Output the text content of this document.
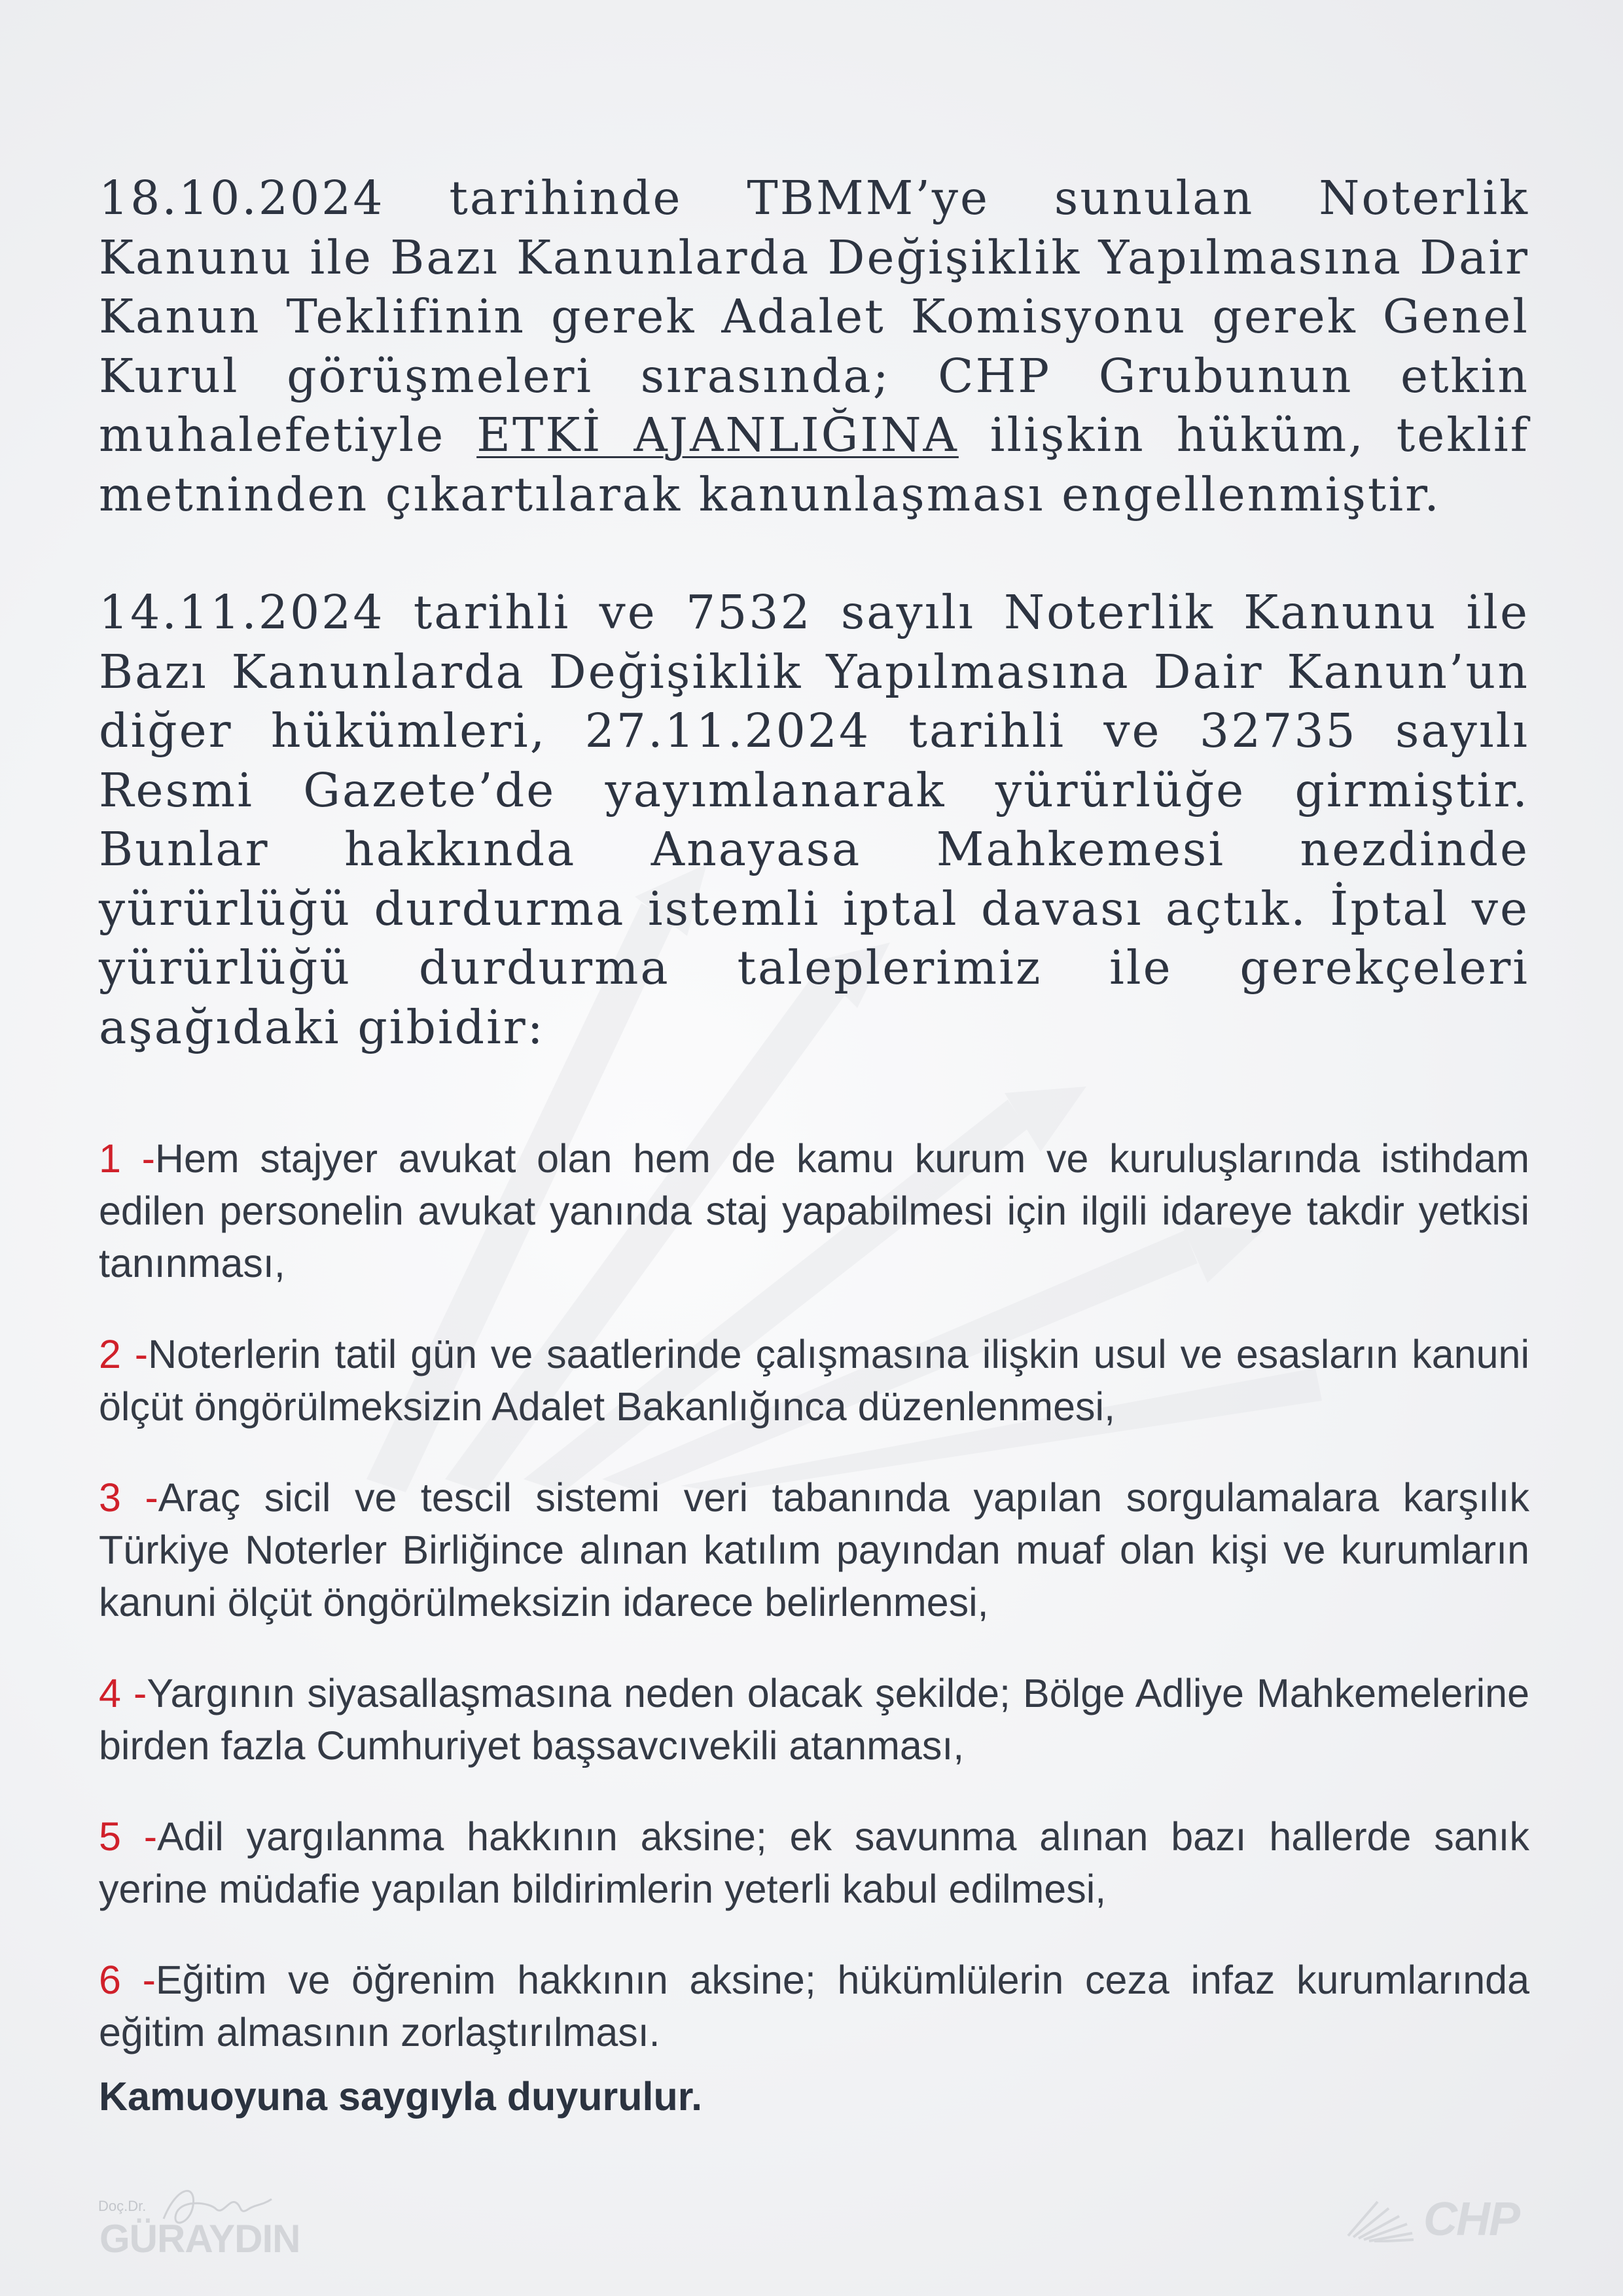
18.10.2024 tarihinde TBMM’ye sunulan Noterlik Kanunu ile Bazı Kanunlarda Değişiklik Yapılmasına Dair Kanun Teklifinin gerek Adalet Komisyonu gerek Genel Kurul görüşmeleri sırasında; CHP Grubunun etkin muhalefetiyle ETKİ AJANLIĞINA ilişkin hüküm, teklif metninden çıkartılarak kanunlaşması engellenmiştir.

14.11.2024 tarihli ve 7532 sayılı Noterlik Kanunu ile Bazı Kanunlarda Değişiklik Yapılmasına Dair Kanun’un diğer hükümleri, 27.11.2024 tarihli ve 32735 sayılı Resmi Gazete’de yayımlanarak yürürlüğe girmiştir. Bunlar hakkında Anayasa Mahkemesi nezdinde yürürlüğü durdurma istemli iptal davası açtık. İptal ve yürürlüğü durdurma taleplerimiz ile gerekçeleri aşağıdaki gibidir:

1 -Hem stajyer avukat olan hem de kamu kurum ve kuruluşlarında istihdam edilen personelin avukat yanında staj yapabilmesi için ilgili idareye takdir yetkisi tanınması,

2 -Noterlerin tatil gün ve saatlerinde çalışmasına ilişkin usul ve esasların kanuni ölçüt öngörülmeksizin Adalet Bakanlığınca düzenlenmesi,

3 -Araç sicil ve tescil sistemi veri tabanında yapılan sorgulamalara karşılık Türkiye Noterler Birliğince alınan katılım payından muaf olan kişi ve kurumların kanuni ölçüt öngörülmeksizin idarece belirlenmesi,

4 -Yargının siyasallaşmasına neden olacak şekilde; Bölge Adliye Mahkemelerine birden fazla Cumhuriyet başsavcıvekili atanması,

5 -Adil yargılanma hakkının aksine; ek savunma alınan bazı hallerde sanık yerine müdafie yapılan bildirimlerin yeterli kabul edilmesi,

6 -Eğitim ve öğrenim hakkının aksine; hükümlülerin ceza infaz kurumlarında eğitim almasının zorlaştırılması.

Kamuoyuna saygıyla duyurulur.
Doç.Dr.
GÜRAYDIN	CHP
